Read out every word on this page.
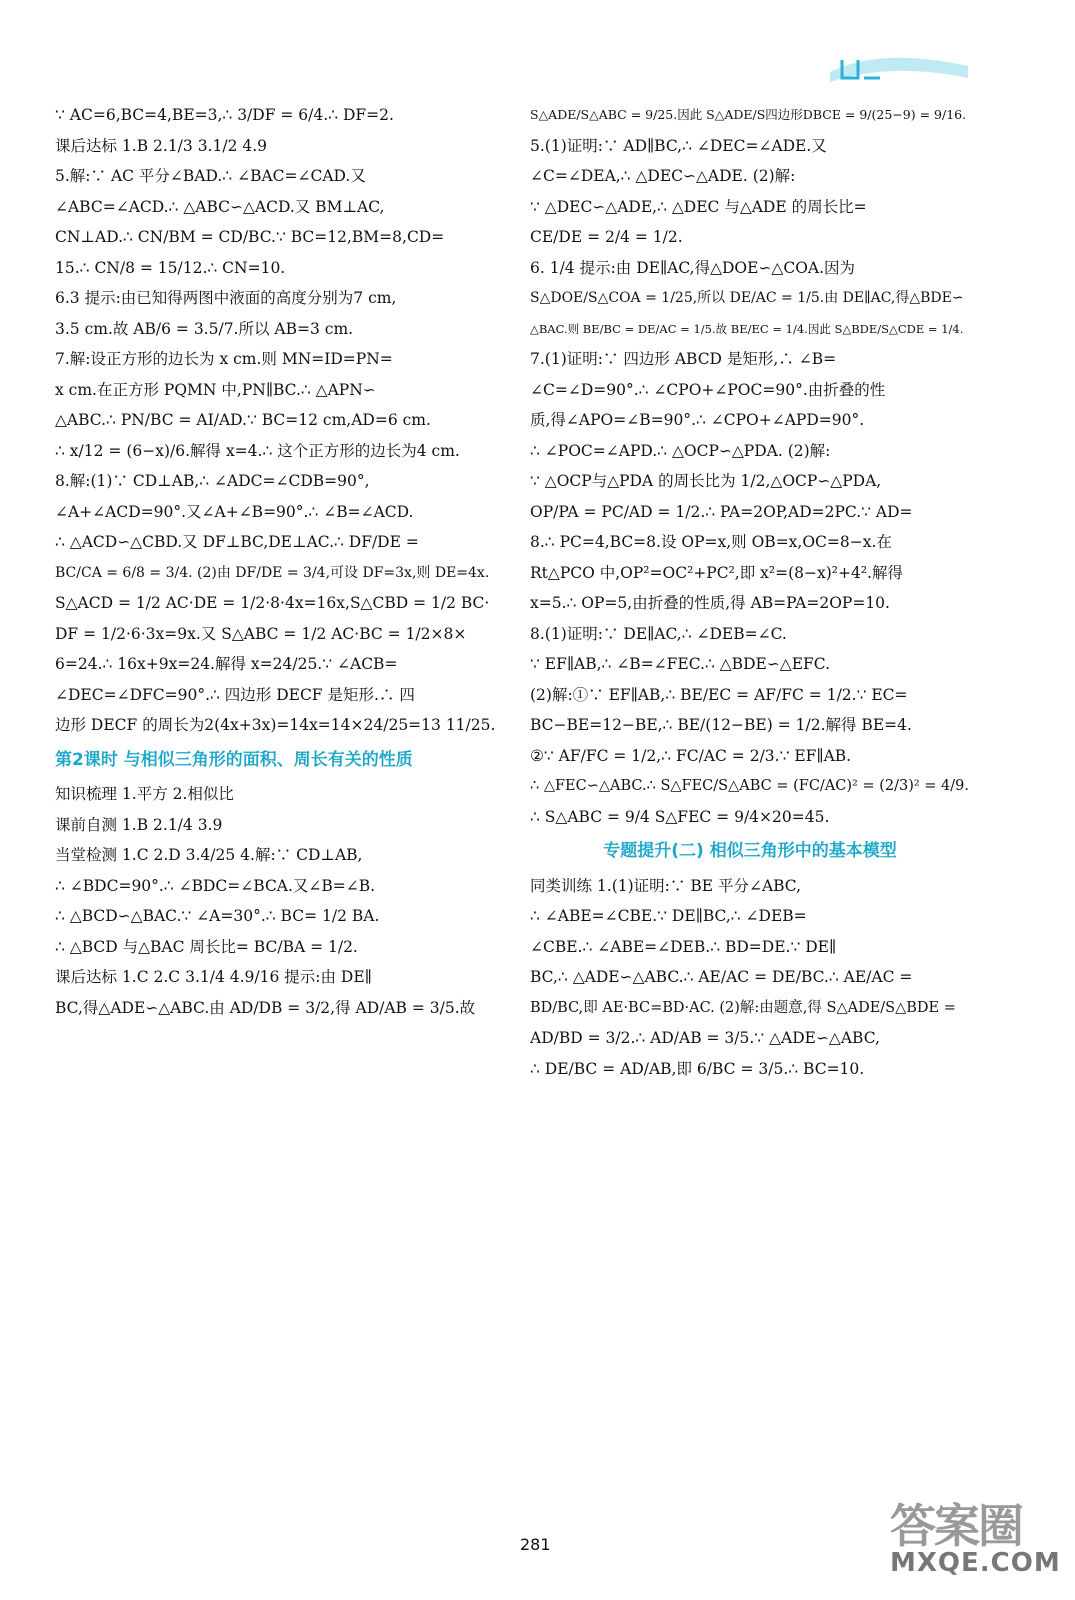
∵ AC=6,BC=4,BE=3,∴ 3/DF = 6/4.∴ DF=2.
课后达标 1.B 2.1/3 3.1/2 4.9
5.解:∵ AC 平分∠BAD.∴ ∠BAC=∠CAD.又
∠ABC=∠ACD.∴ △ABC∽△ACD.又 BM⊥AC,
CN⊥AD.∴ CN/BM = CD/BC.∵ BC=12,BM=8,CD=
15.∴ CN/8 = 15/12.∴ CN=10.
6.3 提示:由已知得两图中液面的高度分别为7 cm,
3.5 cm.故 AB/6 = 3.5/7.所以 AB=3 cm.
7.解:设正方形的边长为 x cm.则 MN=ID=PN=
x cm.在正方形 PQMN 中,PN∥BC.∴ △APN∽
△ABC.∴ PN/BC = AI/AD.∵ BC=12 cm,AD=6 cm.
∴ x/12 = (6−x)/6.解得 x=4.∴ 这个正方形的边长为4 cm.
8.解:(1)∵ CD⊥AB,∴ ∠ADC=∠CDB=90°,
∠A+∠ACD=90°.又∠A+∠B=90°.∴ ∠B=∠ACD.
∴ △ACD∽△CBD.又 DF⊥BC,DE⊥AC.∴ DF/DE =
BC/CA = 6/8 = 3/4. (2)由 DF/DE = 3/4,可设 DF=3x,则 DE=4x.
S△ACD = 1/2 AC·DE = 1/2·8·4x=16x,S△CBD = 1/2 BC·
DF = 1/2·6·3x=9x.又 S△ABC = 1/2 AC·BC = 1/2×8×
6=24.∴ 16x+9x=24.解得 x=24/25.∵ ∠ACB=
∠DEC=∠DFC=90°.∴ 四边形 DECF 是矩形.∴ 四
边形 DECF 的周长为2(4x+3x)=14x=14×24/25=13 11/25.
第2课时 与相似三角形的面积、周长有关的性质
知识梳理 1.平方 2.相似比
课前自测 1.B 2.1/4 3.9
当堂检测 1.C 2.D 3.4/25 4.解:∵ CD⊥AB,
∴ ∠BDC=90°.∴ ∠BDC=∠BCA.又∠B=∠B.
∴ △BCD∽△BAC.∵ ∠A=30°.∴ BC= 1/2 BA.
∴ △BCD 与△BAC 周长比= BC/BA = 1/2.
课后达标 1.C 2.C 3.1/4 4.9/16 提示:由 DE∥
BC,得△ADE∽△ABC.由 AD/DB = 3/2,得 AD/AB = 3/5.故
S△ADE/S△ABC = 9/25.因此 S△ADE/S四边形DBCE = 9/(25−9) = 9/16.
5.(1)证明:∵ AD∥BC,∴ ∠DEC=∠ADE.又
∠C=∠DEA,∴ △DEC∽△ADE. (2)解:
∵ △DEC∽△ADE,∴ △DEC 与△ADE 的周长比=
CE/DE = 2/4 = 1/2.
6. 1/4 提示:由 DE∥AC,得△DOE∽△COA.因为
S△DOE/S△COA = 1/25,所以 DE/AC = 1/5.由 DE∥AC,得△BDE∽
△BAC.则 BE/BC = DE/AC = 1/5.故 BE/EC = 1/4.因此 S△BDE/S△CDE = 1/4.
7.(1)证明:∵ 四边形 ABCD 是矩形,∴ ∠B=
∠C=∠D=90°.∴ ∠CPO+∠POC=90°.由折叠的性
质,得∠APO=∠B=90°.∴ ∠CPO+∠APD=90°.
∴ ∠POC=∠APD.∴ △OCP∽△PDA. (2)解:
∵ △OCP与△PDA 的周长比为 1/2,△OCP∽△PDA,
OP/PA = PC/AD = 1/2.∴ PA=2OP,AD=2PC.∵ AD=
8.∴ PC=4,BC=8.设 OP=x,则 OB=x,OC=8−x.在
Rt△PCO 中,OP²=OC²+PC²,即 x²=(8−x)²+4².解得
x=5.∴ OP=5,由折叠的性质,得 AB=PA=2OP=10.
8.(1)证明:∵ DE∥AC,∴ ∠DEB=∠C.
∵ EF∥AB,∴ ∠B=∠FEC.∴ △BDE∽△EFC.
(2)解:①∵ EF∥AB,∴ BE/EC = AF/FC = 1/2.∵ EC=
BC−BE=12−BE,∴ BE/(12−BE) = 1/2.解得 BE=4.
②∵ AF/FC = 1/2,∴ FC/AC = 2/3.∵ EF∥AB.
∴ △FEC∽△ABC.∴ S△FEC/S△ABC = (FC/AC)² = (2/3)² = 4/9.
∴ S△ABC = 9/4 S△FEC = 9/4×20=45.
专题提升(二) 相似三角形中的基本模型
同类训练 1.(1)证明:∵ BE 平分∠ABC,
∴ ∠ABE=∠CBE.∵ DE∥BC,∴ ∠DEB=
∠CBE.∴ ∠ABE=∠DEB.∴ BD=DE.∵ DE∥
BC,∴ △ADE∽△ABC.∴ AE/AC = DE/BC.∴ AE/AC =
BD/BC,即 AE·BC=BD·AC. (2)解:由题意,得 S△ADE/S△BDE =
AD/BD = 3/2.∴ AD/AB = 3/5.∵ △ADE∽△ABC,
∴ DE/BC = AD/AB,即 6/BC = 3/5.∴ BC=10.
281	答案圈
MXQE.COM
